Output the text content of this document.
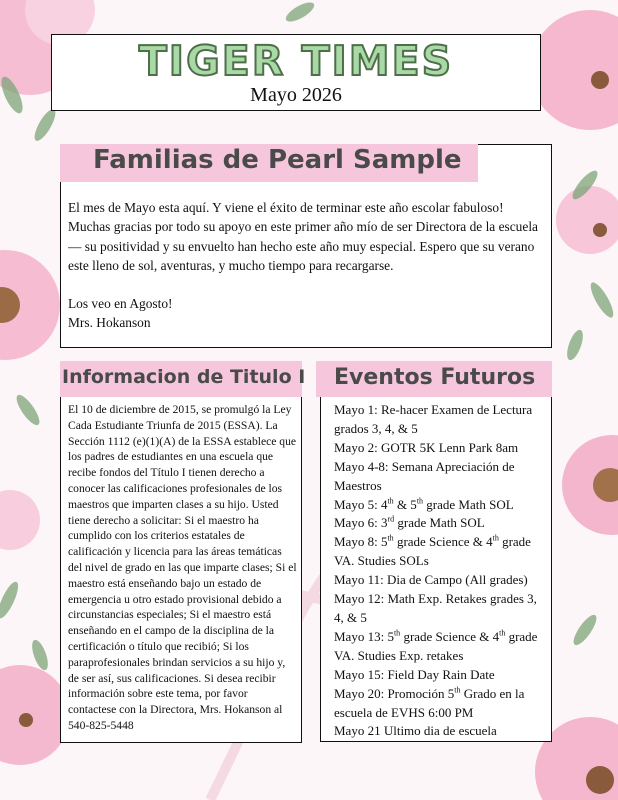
TIGER TIMES
Mayo 2026

El mes de Mayo esta aquí. Y viene el éxito de terminar este año escolar fabuloso! Muchas gracias por todo su apoyo en este primer año mío de ser Directora de la escuela — su positividad y su envuelto han hecho este año muy especial. Espero que su verano este lleno de sol, aventuras, y mucho tiempo para recargarse.

Los veo en Agosto!
Mrs. Hokanson

Familias de Pearl Sample
Informacion de Titulo I
El 10 de diciembre de 2015, se promulgó la Ley Cada Estudiante Triunfa de 2015 (ESSA). La Sección 1112 (e)(1)(A) de la ESSA establece que los padres de estudiantes en una escuela que recibe fondos del Título I tienen derecho a conocer las calificaciones profesionales de los maestros que imparten clases a su hijo. Usted tiene derecho a solicitar: Si el maestro ha cumplido con los criterios estatales de calificación y licencia para las áreas temáticas del nivel de grado en las que imparte clases; Si el maestro está enseñando bajo un estado de emergencia u otro estado provisional debido a circunstancias especiales; Si el maestro está enseñando en el campo de la disciplina de la certificación o título que recibió; Si los paraprofesionales brindan servicios a su hijo y, de ser así, sus calificaciones. Si desea recibir información sobre este tema, por favor contactese con la Directora, Mrs. Hokanson al 540-825-5448
Eventos Futuros
Mayo 1: Re-hacer Examen de Lectura grados 3, 4, & 5
Mayo 2: GOTR 5K Lenn Park 8am
Mayo 4-8: Semana Apreciación de Maestros
Mayo 5: 4th & 5th grade Math SOL
Mayo 6: 3rd grade Math SOL
Mayo 8: 5th grade Science & 4th grade VA. Studies SOLs
Mayo 11: Dia de Campo (All grades)
Mayo 12: Math Exp. Retakes grades 3, 4, & 5
Mayo 13: 5th grade Science & 4th grade VA. Studies Exp. retakes
Mayo 15: Field Day Rain Date
Mayo 20: Promoción 5th Grado en la escuela de EVHS 6:00 PM
Mayo 21 Ultimo dia de escuela
